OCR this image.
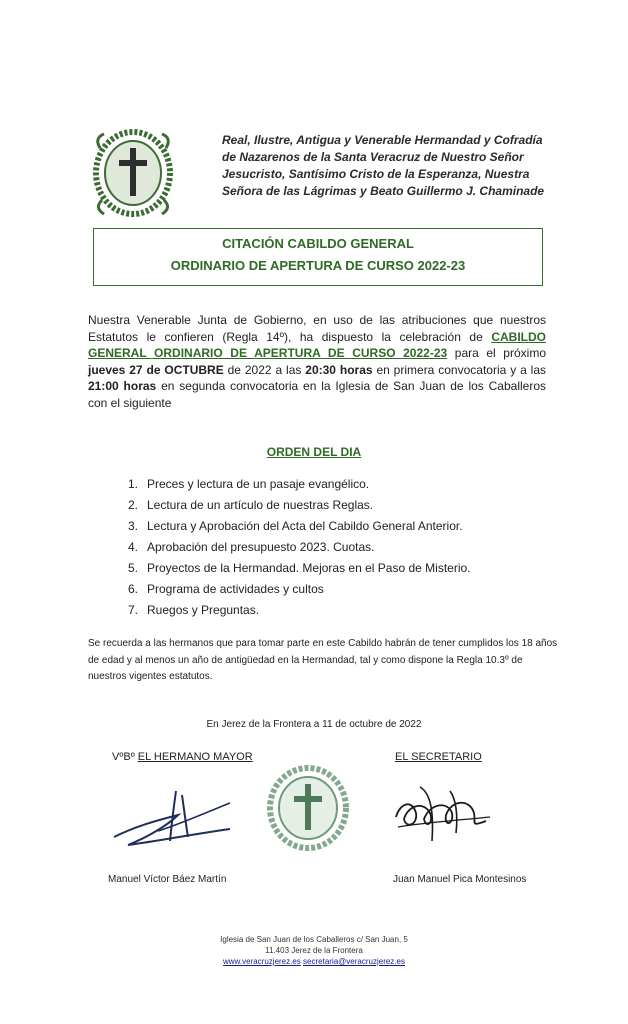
Real, Ilustre, Antigua y Venerable Hermandad y Cofradía
de Nazarenos de la Santa Veracruz de Nuestro Señor
Jesucristo, Santísimo Cristo de la Esperanza, Nuestra
Señora de las Lágrimas y Beato Guillermo J. Chaminade
CITACIÓN CABILDO GENERAL
ORDINARIO DE APERTURA DE CURSO 2022-23
Nuestra Venerable Junta de Gobierno, en uso de las atribuciones que nuestros Estatutos le confieren (Regla 14º), ha dispuesto la celebración de CABILDO GENERAL ORDINARIO DE APERTURA DE CURSO 2022-23 para el próximo jueves 27 de OCTUBRE de 2022 a las 20:30 horas en primera convocatoria y a las 21:00 horas en segunda convocatoria en la Iglesia de San Juan de los Caballeros con el siguiente
ORDEN DEL DIA
1. Preces y lectura de un pasaje evangélico.
2. Lectura de un artículo de nuestras Reglas.
3. Lectura y Aprobación del Acta del Cabildo General Anterior.
4. Aprobación del presupuesto 2023. Cuotas.
5. Proyectos de la Hermandad. Mejoras en el Paso de Misterio.
6. Programa de actividades y cultos
7. Ruegos y Preguntas.
Se recuerda a las hermanos que para tomar parte en este Cabildo habrán de tener cumplidos los 18 años de edad y al menos un año de antigüedad en la Hermandad, tal y como dispone la Regla 10.3º de nuestros vigentes estatutos.
En Jerez de la Frontera a 11 de octubre de 2022
VºBº EL HERMANO MAYOR	EL SECRETARIO
Manuel Víctor Báez Martín	Juan Manuel Pica Montesinos
Iglesia de San Juan de los Caballeros c/ San Juan, 5
11.403 Jerez de la Frontera
www.veracruzjerez.es secretaria@veracruzjerez.es
